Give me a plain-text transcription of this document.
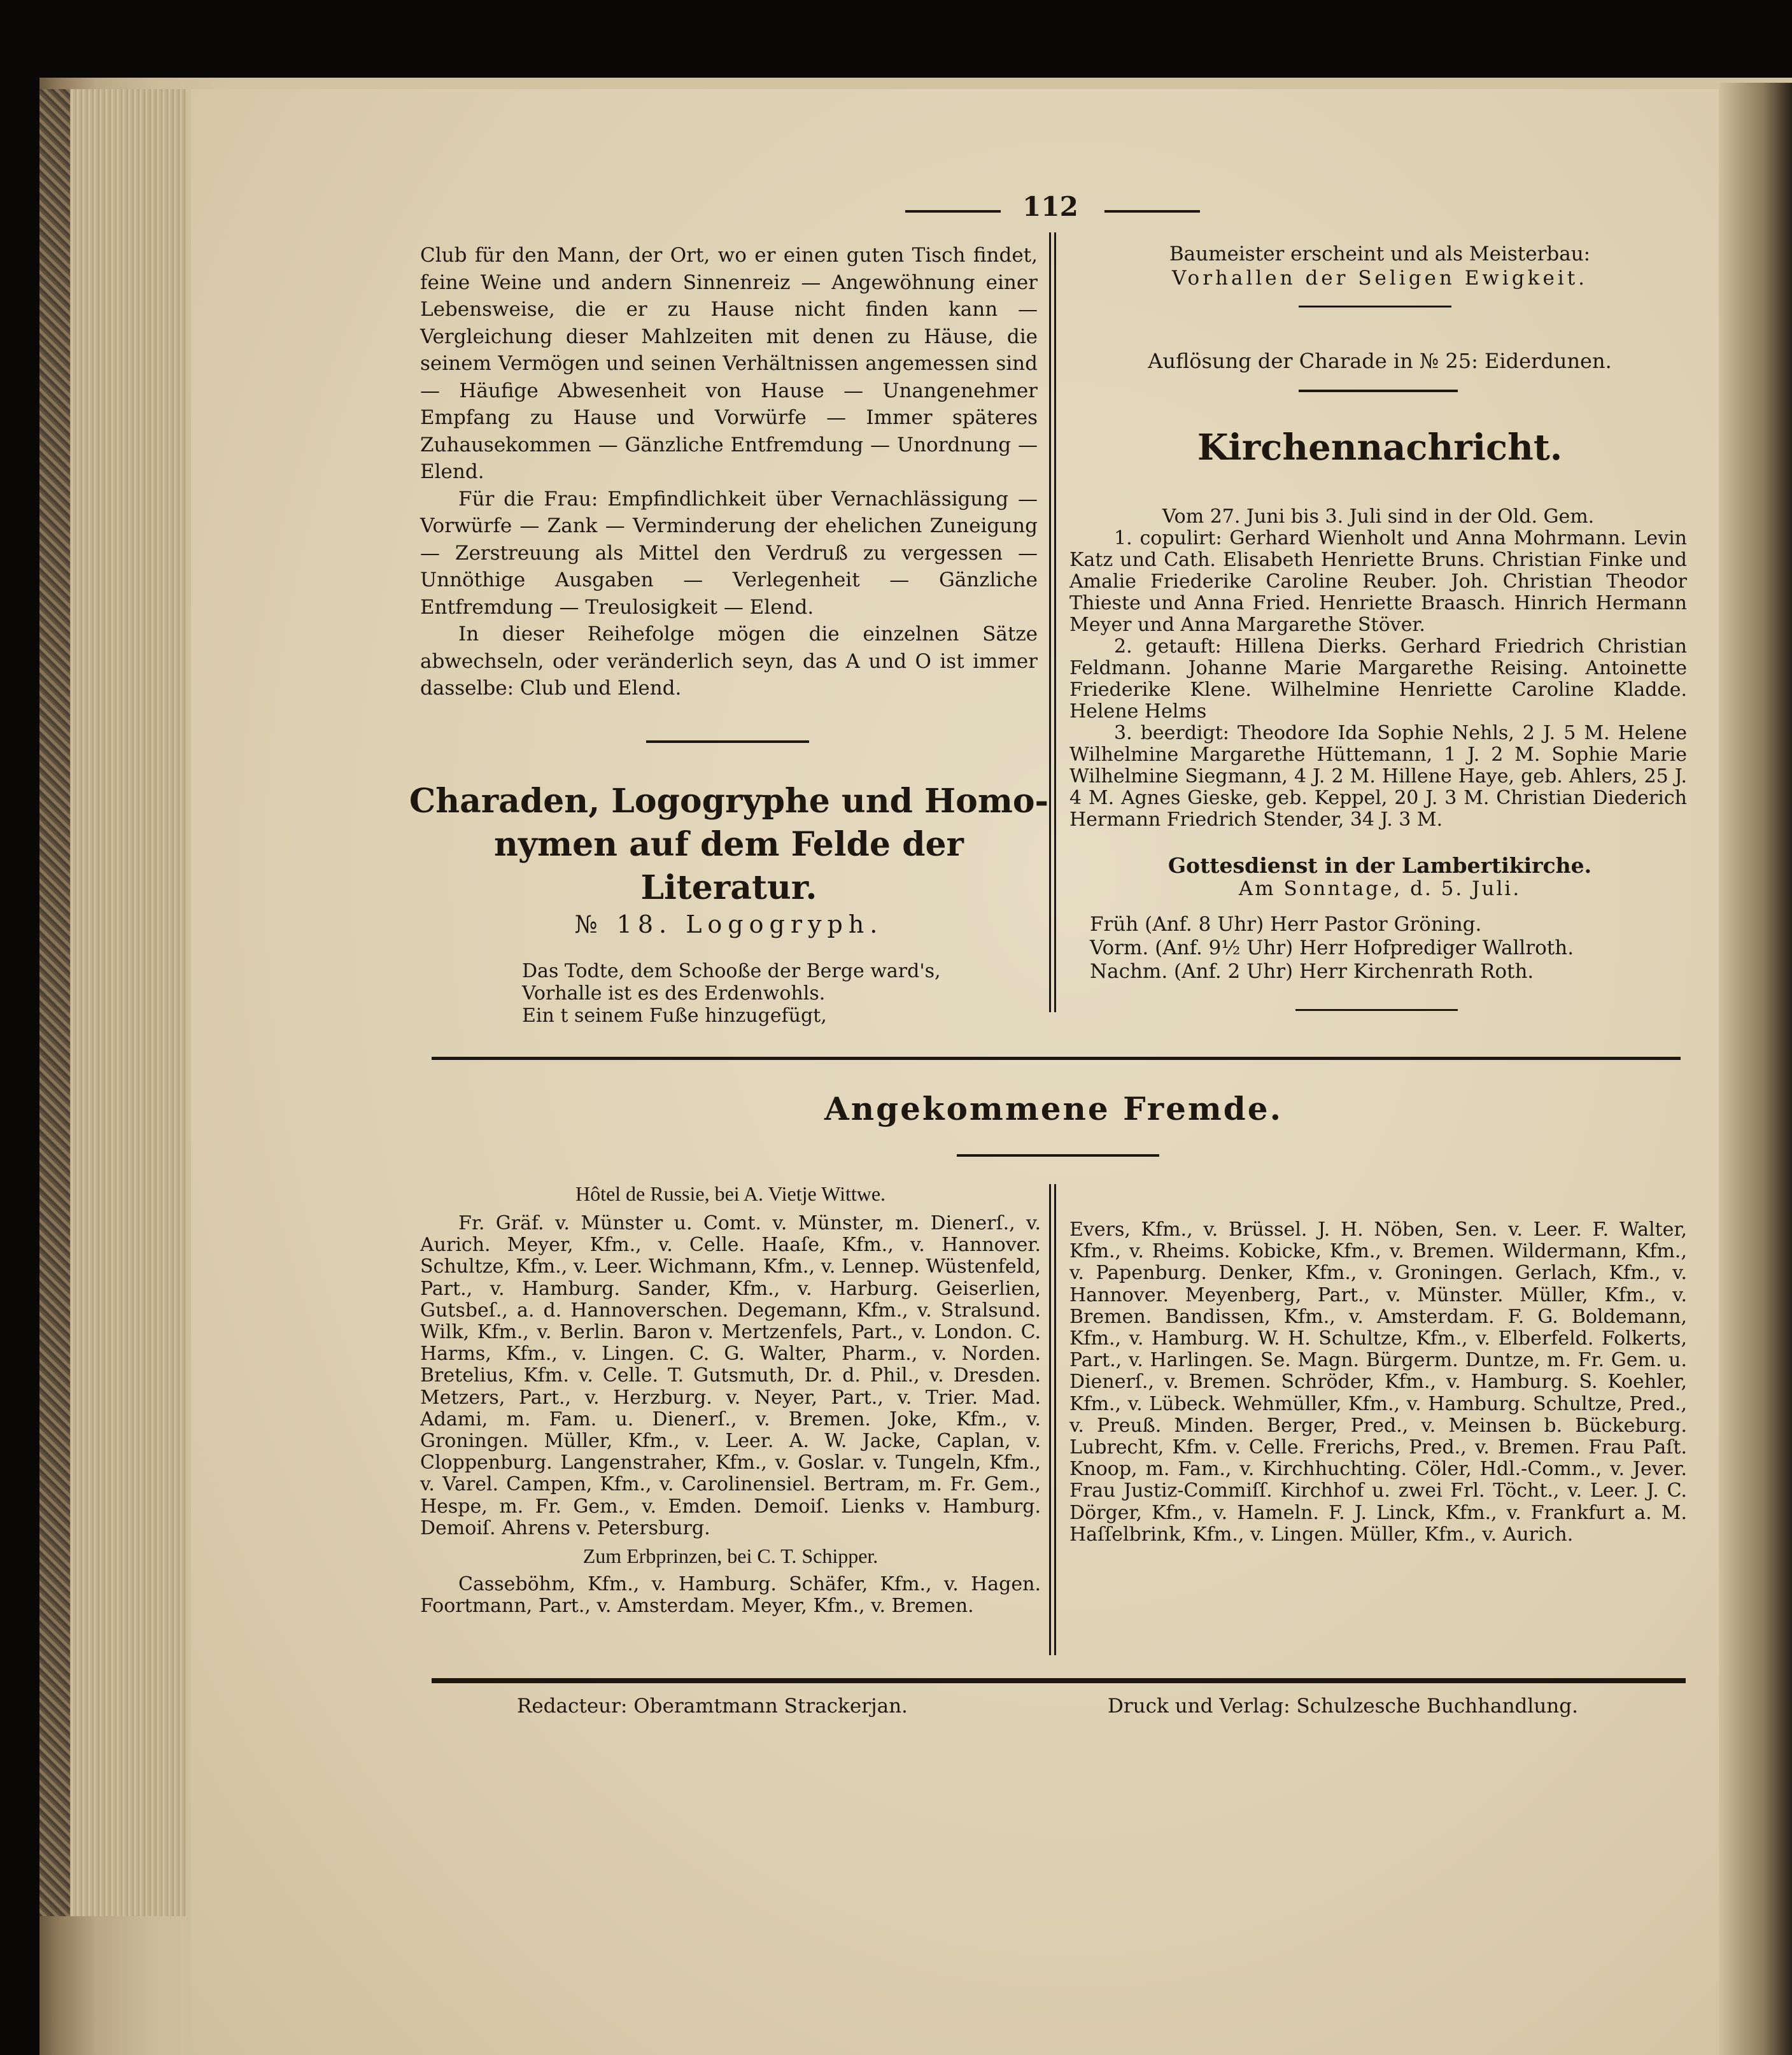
112

Club für den Mann, der Ort, wo er einen guten Tisch findet, feine Weine und andern Sinnenreiz — Angewöhnung einer Lebensweise, die er zu Hause nicht finden kann — Vergleichung dieser Mahlzeiten mit denen zu Häuse, die seinem Vermögen und seinen Verhältnissen angemessen sind — Häufige Abwesenheit von Hause — Unangenehmer Empfang zu Hause und Vorwürfe — Immer späteres Zuhausekommen — Gänzliche Entfremdung — Unordnung — Elend.

Für die Frau: Empfindlichkeit über Vernachlässigung — Vorwürfe — Zank — Verminderung der ehelichen Zuneigung — Zerstreuung als Mittel den Verdruß zu vergessen — Unnöthige Ausgaben — Verlegenheit — Gänzliche Entfremdung — Treulosigkeit — Elend.

In dieser Reihefolge mögen die einzelnen Sätze abwechseln, oder veränderlich seyn, das A und O ist immer dasselbe: Club und Elend.

Charaden, Logogryphe und Homo-
nymen auf dem Felde der Literatur.
№ 18. Logogryph.
Das Todte, dem Schooße der Berge ward's,
Vorhalle ist es des Erdenwohls.
Ein t seinem Fuße hinzugefügt,
Baumeister erscheint und als Meisterbau:
Vorhallen der Seligen Ewigkeit.
Auflösung der Charade in № 25: Eiderdunen.
Kirchennachricht.

Vom 27. Juni bis 3. Juli sind in der Old. Gem.

1. copulirt: Gerhard Wienholt und Anna Mohrmann. Levin Katz und Cath. Elisabeth Henriette Bruns. Christian Finke und Amalie Friederike Caroline Reuber. Joh. Christian Theodor Thieste und Anna Fried. Henriette Braasch. Hinrich Hermann Meyer und Anna Margarethe Stöver.

2. getauft: Hillena Dierks. Gerhard Friedrich Christian Feldmann. Johanne Marie Margarethe Reising. Antoinette Friederike Klene. Wilhelmine Henriette Caroline Kladde. Helene Helms

3. beerdigt: Theodore Ida Sophie Nehls, 2 J. 5 M. Helene Wilhelmine Margarethe Hüttemann, 1 J. 2 M. Sophie Marie Wilhelmine Siegmann, 4 J. 2 M. Hillene Haye, geb. Ahlers, 25 J. 4 M. Agnes Gieske, geb. Keppel, 20 J. 3 M. Christian Diederich Hermann Friedrich Stender, 34 J. 3 M.

Gottesdienst in der Lambertikirche.
Am Sonntage, d. 5. Juli.
Früh (Anf. 8 Uhr) Herr Pastor Gröning.
Vorm. (Anf. 9½ Uhr) Herr Hofprediger Wallroth.
Nachm. (Anf. 2 Uhr) Herr Kirchenrath Roth.
Angekommene Fremde.
Hôtel de Russie, bei A. Vietje Wittwe.

Fr. Gräf. v. Münster u. Comt. v. Münster, m. Dienerſ., v. Aurich. Meyer, Kfm., v. Celle. Haaſe, Kfm., v. Hannover. Schultze, Kfm., v. Leer. Wichmann, Kfm., v. Lennep. Wüstenfeld, Part., v. Hamburg. Sander, Kfm., v. Harburg. Geiserlien, Gutsbeſ., a. d. Hannoverschen. Degemann, Kfm., v. Stralsund. Wilk, Kfm., v. Berlin. Baron v. Mertzenfels, Part., v. London. C. Harms, Kfm., v. Lingen. C. G. Walter, Pharm., v. Norden. Bretelius, Kfm. v. Celle. T. Gutsmuth, Dr. d. Phil., v. Dresden. Metzers, Part., v. Herzburg. v. Neyer, Part., v. Trier. Mad. Adami, m. Fam. u. Dienerſ., v. Bremen. Joke, Kfm., v. Groningen. Müller, Kfm., v. Leer. A. W. Jacke, Caplan, v. Cloppenburg. Langenstraher, Kfm., v. Goslar. v. Tungeln, Kfm., v. Varel. Campen, Kfm., v. Carolinensiel. Bertram, m. Fr. Gem., Hespe, m. Fr. Gem., v. Emden. Demoiſ. Lienks v. Hamburg. Demoiſ. Ahrens v. Petersburg.

Zum Erbprinzen, bei C. T. Schipper.

Casseböhm, Kfm., v. Hamburg. Schäfer, Kfm., v. Hagen. Foortmann, Part., v. Amsterdam. Meyer, Kfm., v. Bremen.

Evers, Kfm., v. Brüssel. J. H. Nöben, Sen. v. Leer. F. Walter, Kfm., v. Rheims. Kobicke, Kfm., v. Bremen. Wildermann, Kfm., v. Papenburg. Denker, Kfm., v. Groningen. Gerlach, Kfm., v. Hannover. Meyenberg, Part., v. Münster. Müller, Kfm., v. Bremen. Bandissen, Kfm., v. Amsterdam. F. G. Boldemann, Kfm., v. Hamburg. W. H. Schultze, Kfm., v. Elberfeld. Folkerts, Part., v. Harlingen. Se. Magn. Bürgerm. Duntze, m. Fr. Gem. u. Dienerſ., v. Bremen. Schröder, Kfm., v. Hamburg. S. Koehler, Kfm., v. Lübeck. Wehmüller, Kfm., v. Hamburg. Schultze, Pred., v. Preuß. Minden. Berger, Pred., v. Meinsen b. Bückeburg. Lubrecht, Kfm. v. Celle. Frerichs, Pred., v. Bremen. Frau Paſt. Knoop, m. Fam., v. Kirchhuchting. Cöler, Hdl.-Comm., v. Jever. Frau Justiz-Commiſſ. Kirchhof u. zwei Frl. Töcht., v. Leer. J. C. Dörger, Kfm., v. Hameln. F. J. Linck, Kfm., v. Frankfurt a. M. Haſſelbrink, Kfm., v. Lingen. Müller, Kfm., v. Aurich.
Redacteur: Oberamtmann Strackerjan.	Druck und Verlag: Schulzesche Buchhandlung.
